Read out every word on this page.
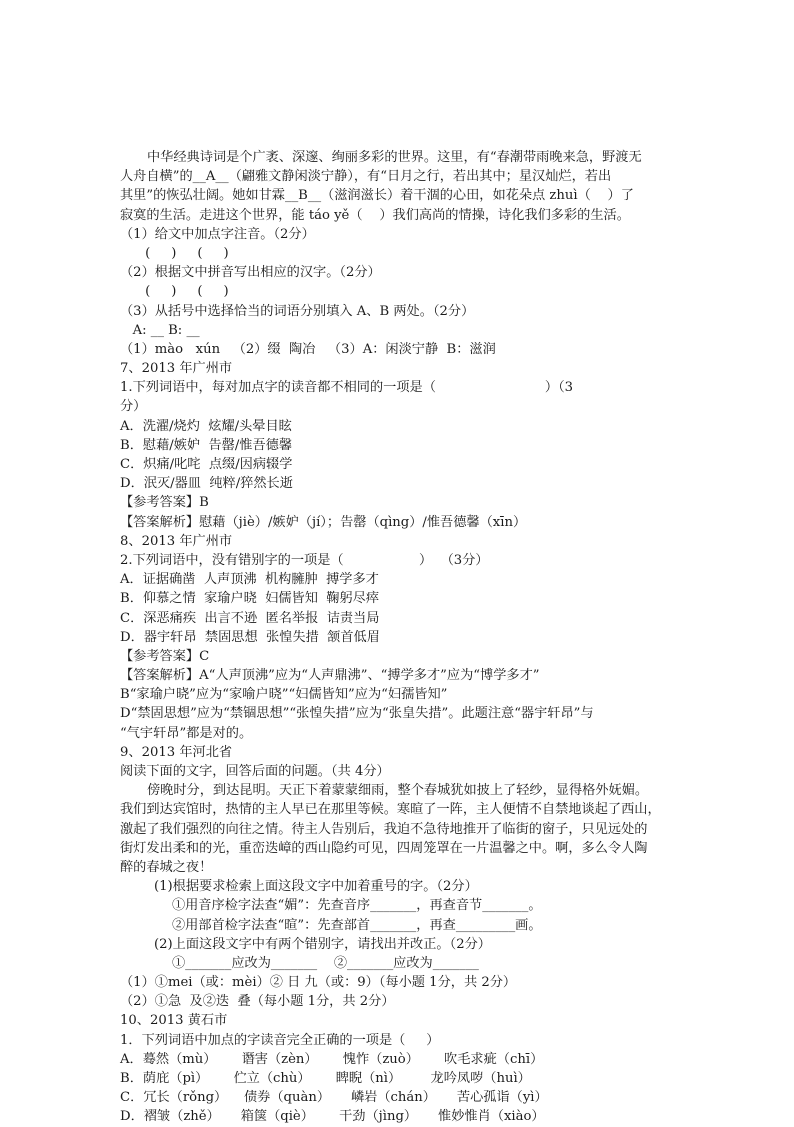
中华经典诗词是个广袤、深邃、绚丽多彩的世界。这里，有“春潮带雨晚来急，野渡无
人舟自横”的__A__（翩雅文静闲淡宁静），有“日月之行，若出其中；星汉灿烂，若出
其里”的恢弘壮阔。她如甘霖__B__（滋润滋长）着干涸的心田，如花朵点 zhuì（    ）了
寂寞的生活。走进这个世界，能 táo yě（    ）我们高尚的情操，诗化我们多彩的生活。
（1）给文中加点字注音。（2分）
(     )     (     )
（2）根据文中拼音写出相应的汉字。（2分）
(     )     (     )
（3）从括号中选择恰当的词语分别填入 A、B 两处。（2分）
A: __ B: __
（1）mào   xún   （2）缀  陶冶   （3）A：闲淡宁静  B：滋润
7、2013 年广州市
1.下列词语中，每对加点字的读音都不相同的一项是（                          ）（3
分）
A．洗濯/烧灼  炫耀/头晕目眩
B．慰藉/嫉妒  告罄/惟吾德馨
C．炽痛/叱咤  点缀/因病辍学
D．泯灭/器皿  纯粹/猝然长逝
【参考答案】B
【答案解析】慰藉（jiè）/嫉妒（jí）；告罄（qìng）/惟吾德馨（xīn）
8、2013 年广州市
2.下列词语中，没有错别字的一项是（                  ）  （3分）
A．证据确凿  人声顶沸  机构臃肿  搏学多才
B．仰慕之情  家瑜户晓  妇儒皆知  鞠躬尽瘁
C．深恶痛疾  出言不逊  匿名举报  诘责当局
D．器宇轩昂  禁固思想  张惶失措  颔首低眉
【参考答案】C
【答案解析】A“人声顶沸”应为“人声鼎沸”、“搏学多才”应为“博学多才”
B“家瑜户晓”应为“家喻户晓”“妇儒皆知”应为“妇孺皆知”
D“禁固思想”应为“禁锢思想”“张惶失措”应为“张皇失措”。此题注意“器宇轩昂”与
“气宇轩昂”都是对的。
9、2013 年河北省
阅读下面的文字，回答后面的问题。（共 4分）
傍晚时分，到达昆明。天正下着蒙蒙细雨，整个春城犹如披上了轻纱，显得格外妩媚。
我们到达宾馆时，热情的主人早已在那里等候。寒暄了一阵，主人便情不自禁地谈起了西山，
激起了我们强烈的向往之情。待主人告别后，我迫不急待地推开了临街的窗子，只见远处的
街灯发出柔和的光，重峦迭嶂的西山隐约可见，四周笼罩在一片温馨之中。啊，多么令人陶
醉的春城之夜！
(1)根据要求检索上面这段文字中加着重号的字。（2分）
①用音序检字法查“媚”：先查音序_______，再查音节_______。
②用部首检字法查“暄”：先查部首_______，再查_________画。
(2)上面这段文字中有两个错别字，请找出并改正。（2分）
①_______应改为_______    ②_______应改为_______
（1）①mei（或：mèi）② 日 九（或：9）（每小题 1分，共 2分）
（2）①急  及②迭  叠（每小题 1分，共 2分）
10、2013 黄石市
1．下列词语中加点的字读音完全正确的一项是（     ）
A．蓦然（mù）      谮害（zèn）      愧怍（zuò）      吹毛求疵（chī）
B．荫庇（pì）      伫立（chù）      睥睨（nì）       龙吟凤哕（huì）
C．冗长（rǒng）    债券（quàn）     嶙岩（chán）     苦心孤诣（yì）
D．褶皱（zhě）     箱箧（qiè）      干劲（jìng）     惟妙惟肖（xiào）
